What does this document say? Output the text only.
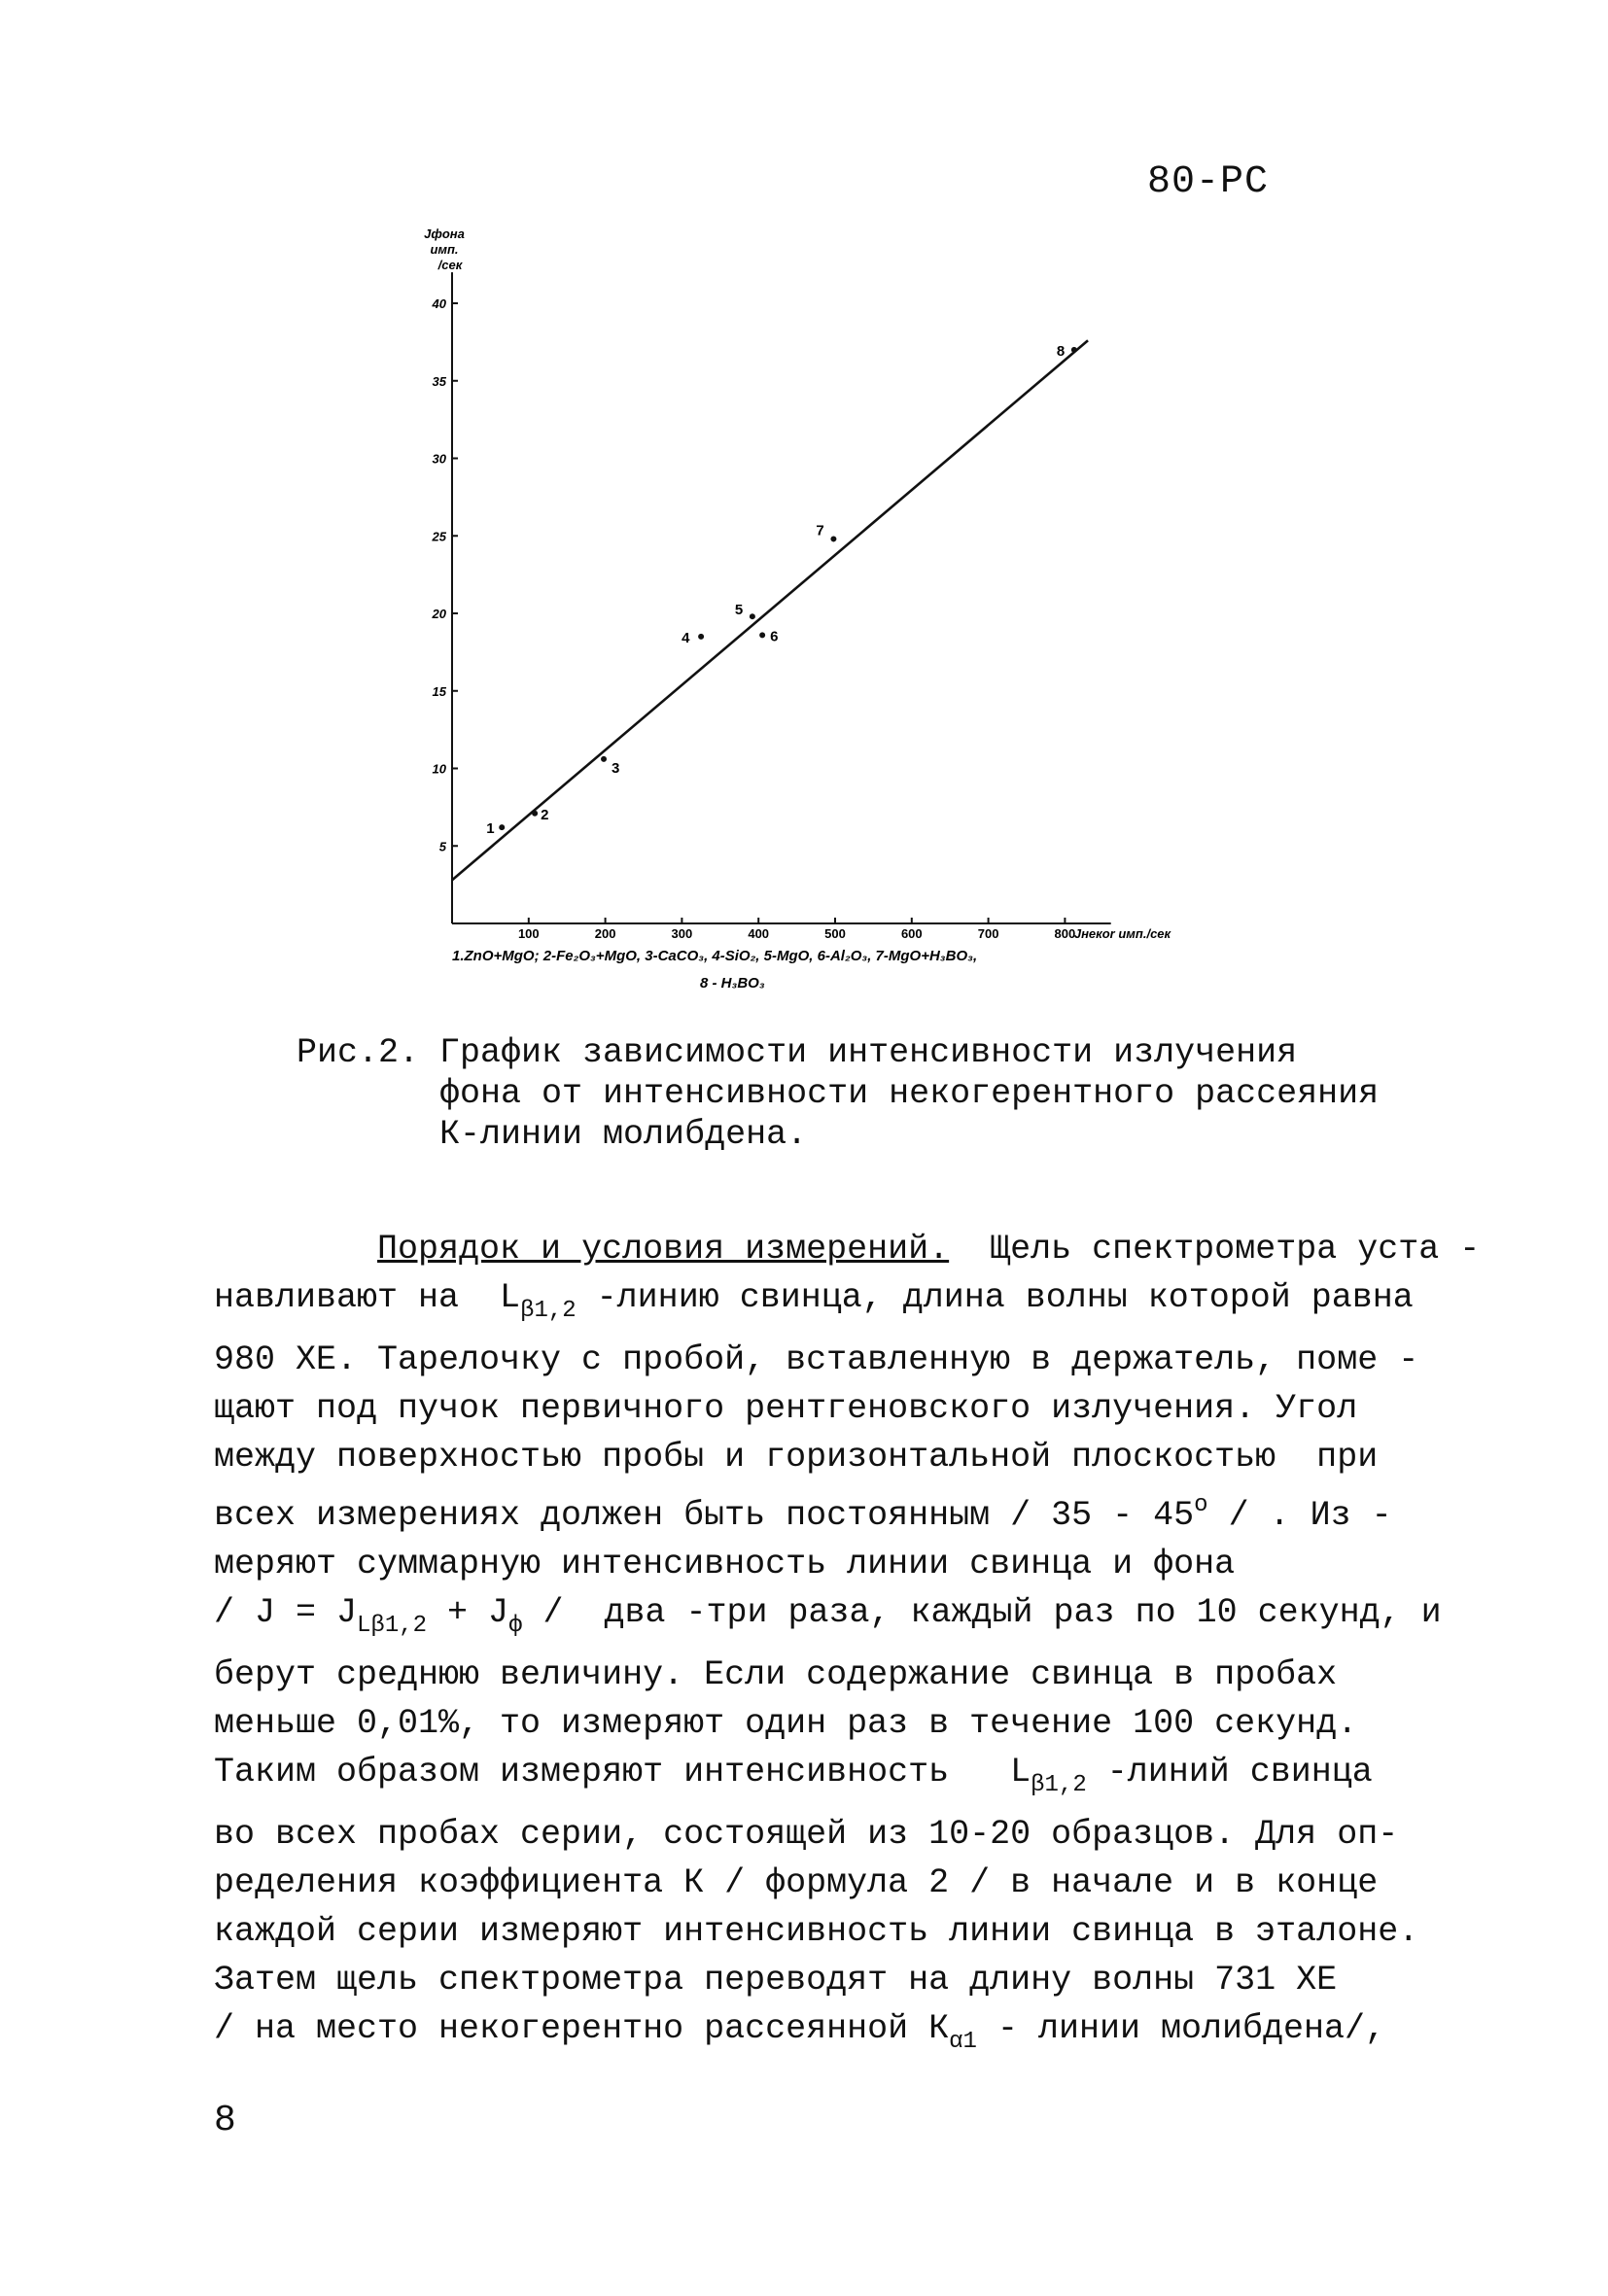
80-РС
5
10
15
20
25
30
35
40
100	200	300	400	500	600	700	800
Jфона
имп.
/сек
Jнекоr имп./сек
1
2
3
4
5
6
7
8
1.ZnO+MgO; 2-Fe₂O₃+MgO, 3-CaCO₃, 4-SiO₂, 5-MgO, 6-Al₂O₃, 7-MgO+H₃BO₃,
8 - H₃BO₃
Рис.2. График зависимости интенсивности излучения
фона от интенсивности некогерентного рассеяния
К-линии молибдена.
Порядок и условия измерений.  Щель спектрометра уста -
навливают на  $L_{\beta 1,2}$ -линию свинца, длина волны которой равна
980 ХЕ. Тарелочку с пробой, вставленную в держатель, поме -
щают под пучок первичного рентгеновского излучения. Угол
между поверхностью пробы и горизонтальной плоскостью  при
всех измерениях должен быть постоянным / $35 - 45^о$ / . Из -
меряют суммарную интенсивность линии свинца и фона
/ $J = J_{L\beta 1,2} + J_ф$ /  два -три раза, каждый раз по 10 секунд, и
берут среднюю величину. Если содержание свинца в пробах
меньше 0,01%, то измеряют один раз в течение 100 секунд.
Таким образом измеряют интенсивность   $L_{\beta 1,2}$ -линий свинца
во всех пробах серии, состоящей из 10-20 образцов. Для оп-
ределения коэффициента К / формула 2 / в начале и в конце
каждой серии измеряют интенсивность линии свинца в эталоне.
Затем щель спектрометра переводят на длину волны 731 ХЕ
/ на место некогерентно рассеянной $К_{\alpha 1}$ - линии молибдена/,
8
